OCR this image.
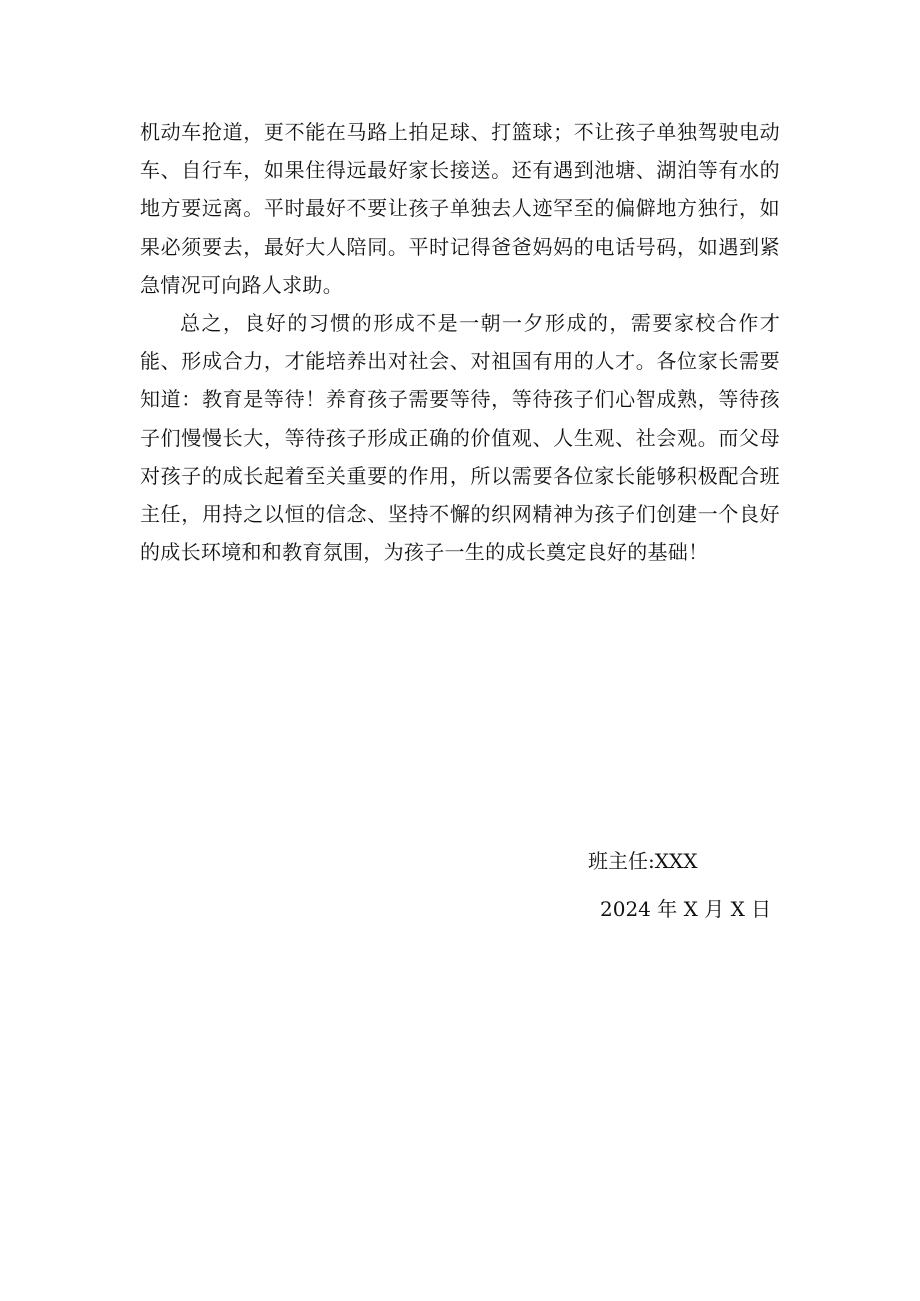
机动车抢道，更不能在马路上拍足球、打篮球；不让孩子单独驾驶电动车、自行车，如果住得远最好家长接送。还有遇到池塘、湖泊等有水的地方要远离。平时最好不要让孩子单独去人迹罕至的偏僻地方独行，如果必须要去，最好大人陪同。平时记得爸爸妈妈的电话号码，如遇到紧急情况可向路人求助。

总之，良好的习惯的形成不是一朝一夕形成的，需要家校合作才能、形成合力，才能培养出对社会、对祖国有用的人才。各位家长需要知道：教育是等待！养育孩子需要等待，等待孩子们心智成熟，等待孩子们慢慢长大，等待孩子形成正确的价值观、人生观、社会观。而父母对孩子的成长起着至关重要的作用，所以需要各位家长能够积极配合班主任，用持之以恒的信念、坚持不懈的织网精神为孩子们创建一个良好的成长环境和和教育氛围，为孩子一生的成长奠定良好的基础！

班主任:XXX
2024 年 X 月 X 日
